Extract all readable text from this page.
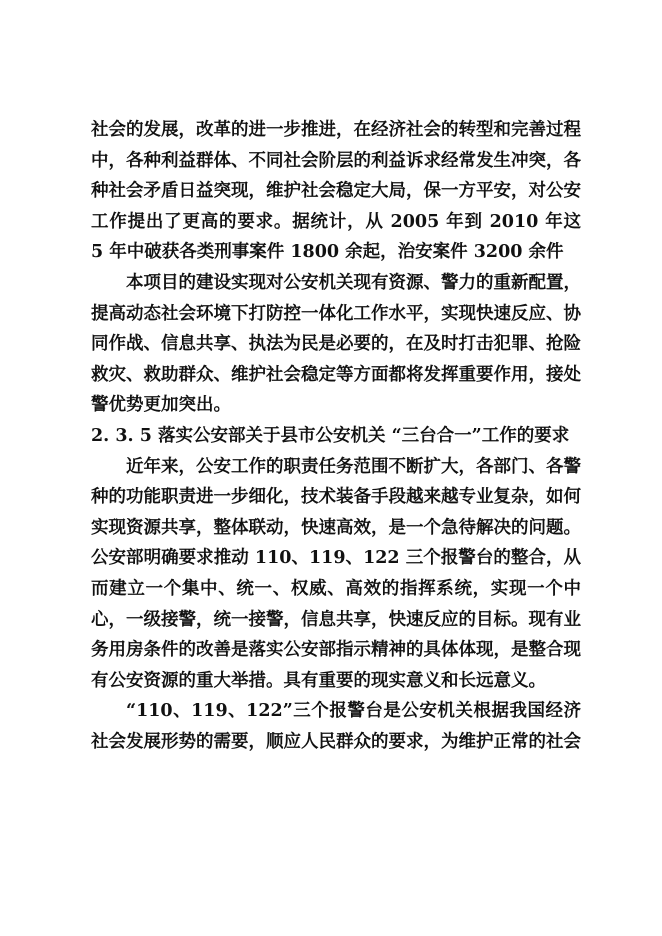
社会的发展，改革的进一步推进，在经济社会的转型和完善过程中，各种利益群体、不同社会阶层的利益诉求经常发生冲突，各种社会矛盾日益突现，维护社会稳定大局，保一方平安，对公安工作提出了更高的要求。据统计，从 2005 年到 2010 年这 5 年中破获各类刑事案件 1800 余起，治安案件 3200 余件

本项目的建设实现对公安机关现有资源、警力的重新配置，提高动态社会环境下打防控一体化工作水平，实现快速反应、协同作战、信息共享、执法为民是必要的，在及时打击犯罪、抢险救灾、救助群众、维护社会稳定等方面都将发挥重要作用，接处警优势更加突出。

2. 3. 5 落实公安部关于县市公安机关 “三台合一”工作的要求

近年来，公安工作的职责任务范围不断扩大，各部门、各警种的功能职责进一步细化，技术装备手段越来越专业复杂，如何实现资源共享，整体联动，快速高效，是一个急待解决的问题。公安部明确要求推动 110、119、122 三个报警台的整合，从而建立一个集中、统一、权威、高效的指挥系统，实现一个中心，一级接警，统一接警，信息共享，快速反应的目标。现有业务用房条件的改善是落实公安部指示精神的具体体现，是整合现有公安资源的重大举措。具有重要的现实意义和长远意义。

“110、119、122”三个报警台是公安机关根据我国经济社会发展形势的需要，顺应人民群众的要求，为维护正常的社会
